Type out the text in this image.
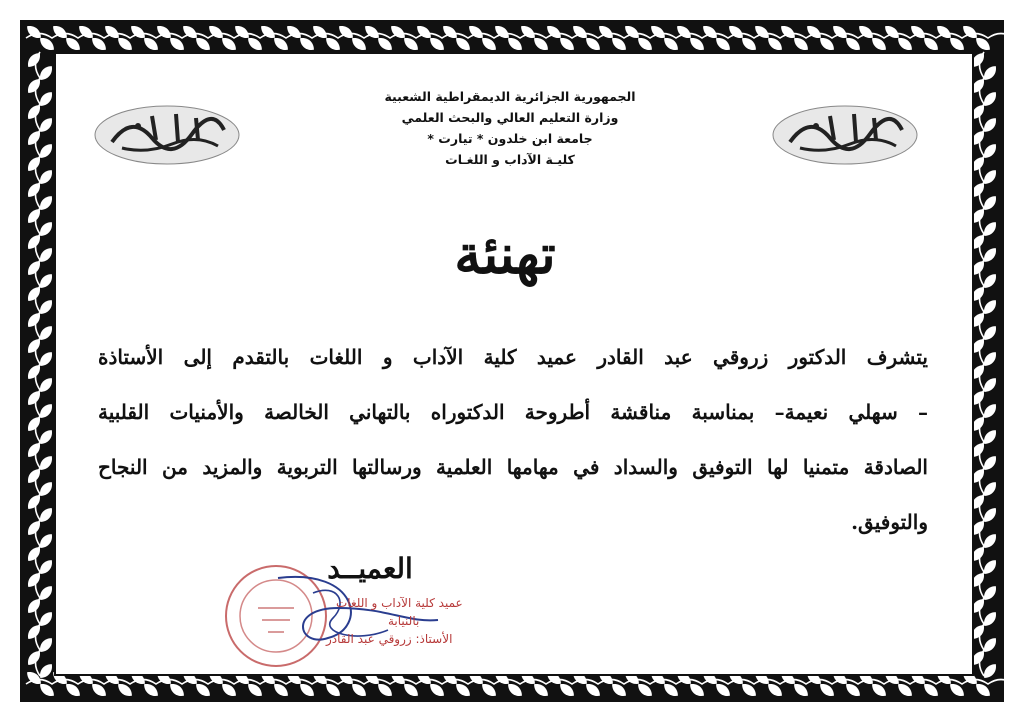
الجمهورية الجزائرية الديمقراطية الشعبية
وزارة التعليم العالي والبحث العلمي
جامعة ابن خلدون * تيارت *
كليـة الآداب و اللغـات
تهنئة
يتشرف الدكتور زروقي عبد القادر عميد كلية الآداب و اللغات بالتقدم إلى الأستاذة
– سهلي نعيمة– بمناسبة مناقشة أطروحة الدكتوراه بالتهاني الخالصة والأمنيات القلبية
الصادقة متمنيا لها التوفيق والسداد في مهامها العلمية ورسالتها التربوية والمزيد من النجاح
والتوفيق.
عميد كلية الآداب و اللغات
بالنيابة
الأستاذ: زروقي عبد القادر
العميــد
